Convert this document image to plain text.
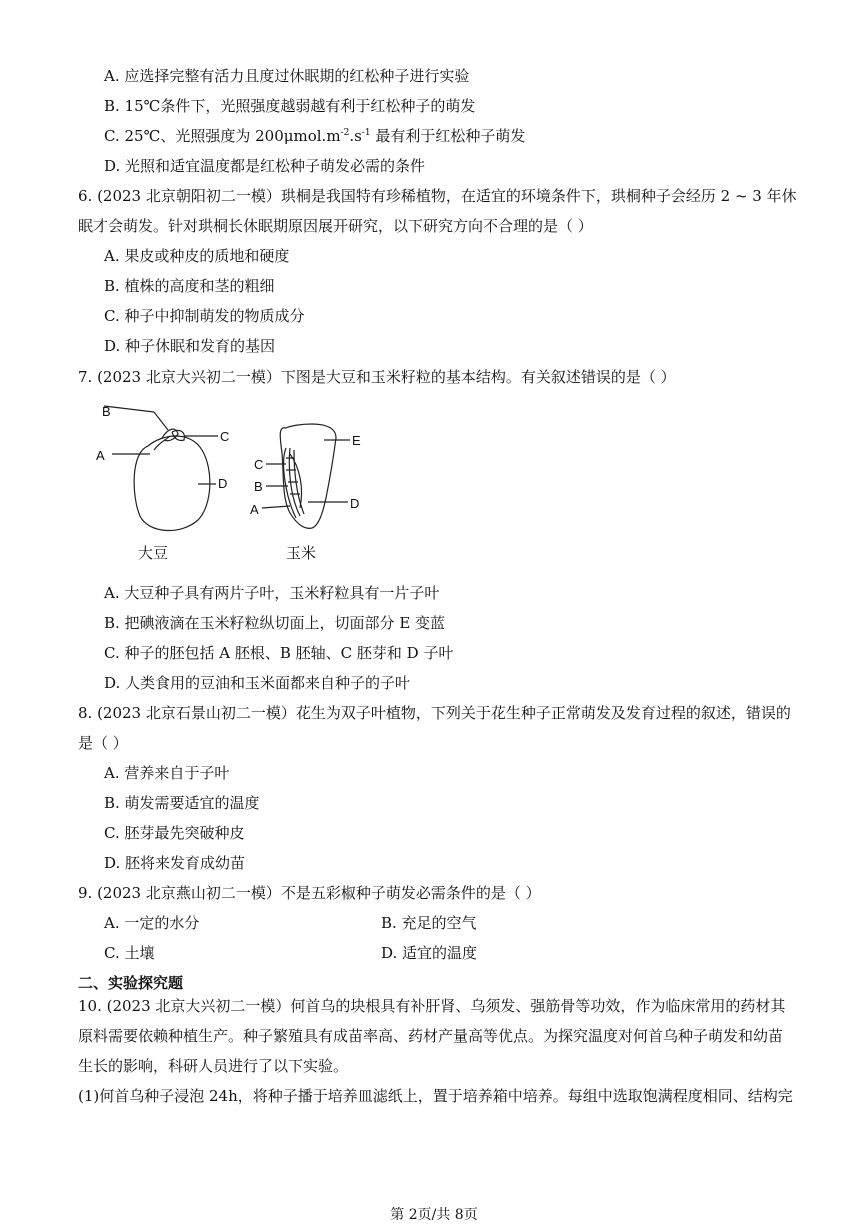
A. 应选择完整有活力且度过休眠期的红松种子进行实验
B. 15℃条件下，光照强度越弱越有利于红松种子的萌发
C. 25℃、光照强度为 $200\mu mol.m^{-2}.s^{-1}$ 最有利于红松种子萌发
D. 光照和适宜温度都是红松种子萌发必需的条件
6. (2023 北京朝阳初二一模）珙桐是我国特有珍稀植物，在适宜的环境条件下，珙桐种子会经历 2 ~ 3 年休
眠才会萌发。针对珙桐长休眠期原因展开研究，以下研究方向不合理的是（ ）
A. 果皮或种皮的质地和硬度
B. 植株的高度和茎的粗细
C. 种子中抑制萌发的物质成分
D. 种子休眠和发育的基因
7. (2023 北京大兴初二一模）下图是大豆和玉米籽粒的基本结构。有关叙述错误的是（ ）
B
C
A
D
大豆
E
C
B
D
A
玉米
A. 大豆种子具有两片子叶，玉米籽粒具有一片子叶
B. 把碘液滴在玉米籽粒纵切面上，切面部分 E 变蓝
C. 种子的胚包括 A 胚根、B 胚轴、C 胚芽和 D 子叶
D. 人类食用的豆油和玉米面都来自种子的子叶
8. (2023 北京石景山初二一模）花生为双子叶植物，下列关于花生种子正常萌发及发育过程的叙述，错误的
是（ ）
A. 营养来自于子叶
B. 萌发需要适宜的温度
C. 胚芽最先突破种皮
D. 胚将来发育成幼苗
9. (2023 北京燕山初二一模）不是五彩椒种子萌发必需条件的是（ ）
A. 一定的水分	B. 充足的空气
C. 土壤	D. 适宜的温度
二、实验探究题
10. (2023 北京大兴初二一模）何首乌的块根具有补肝肾、乌须发、强筋骨等功效，作为临床常用的药材其
原料需要依赖种植生产。种子繁殖具有成苗率高、药材产量高等优点。为探究温度对何首乌种子萌发和幼苗
生长的影响，科研人员进行了以下实验。
(1)何首乌种子浸泡 24h，将种子播于培养皿滤纸上，置于培养箱中培养。每组中选取饱满程度相同、结构完
第 2页/共 8页
